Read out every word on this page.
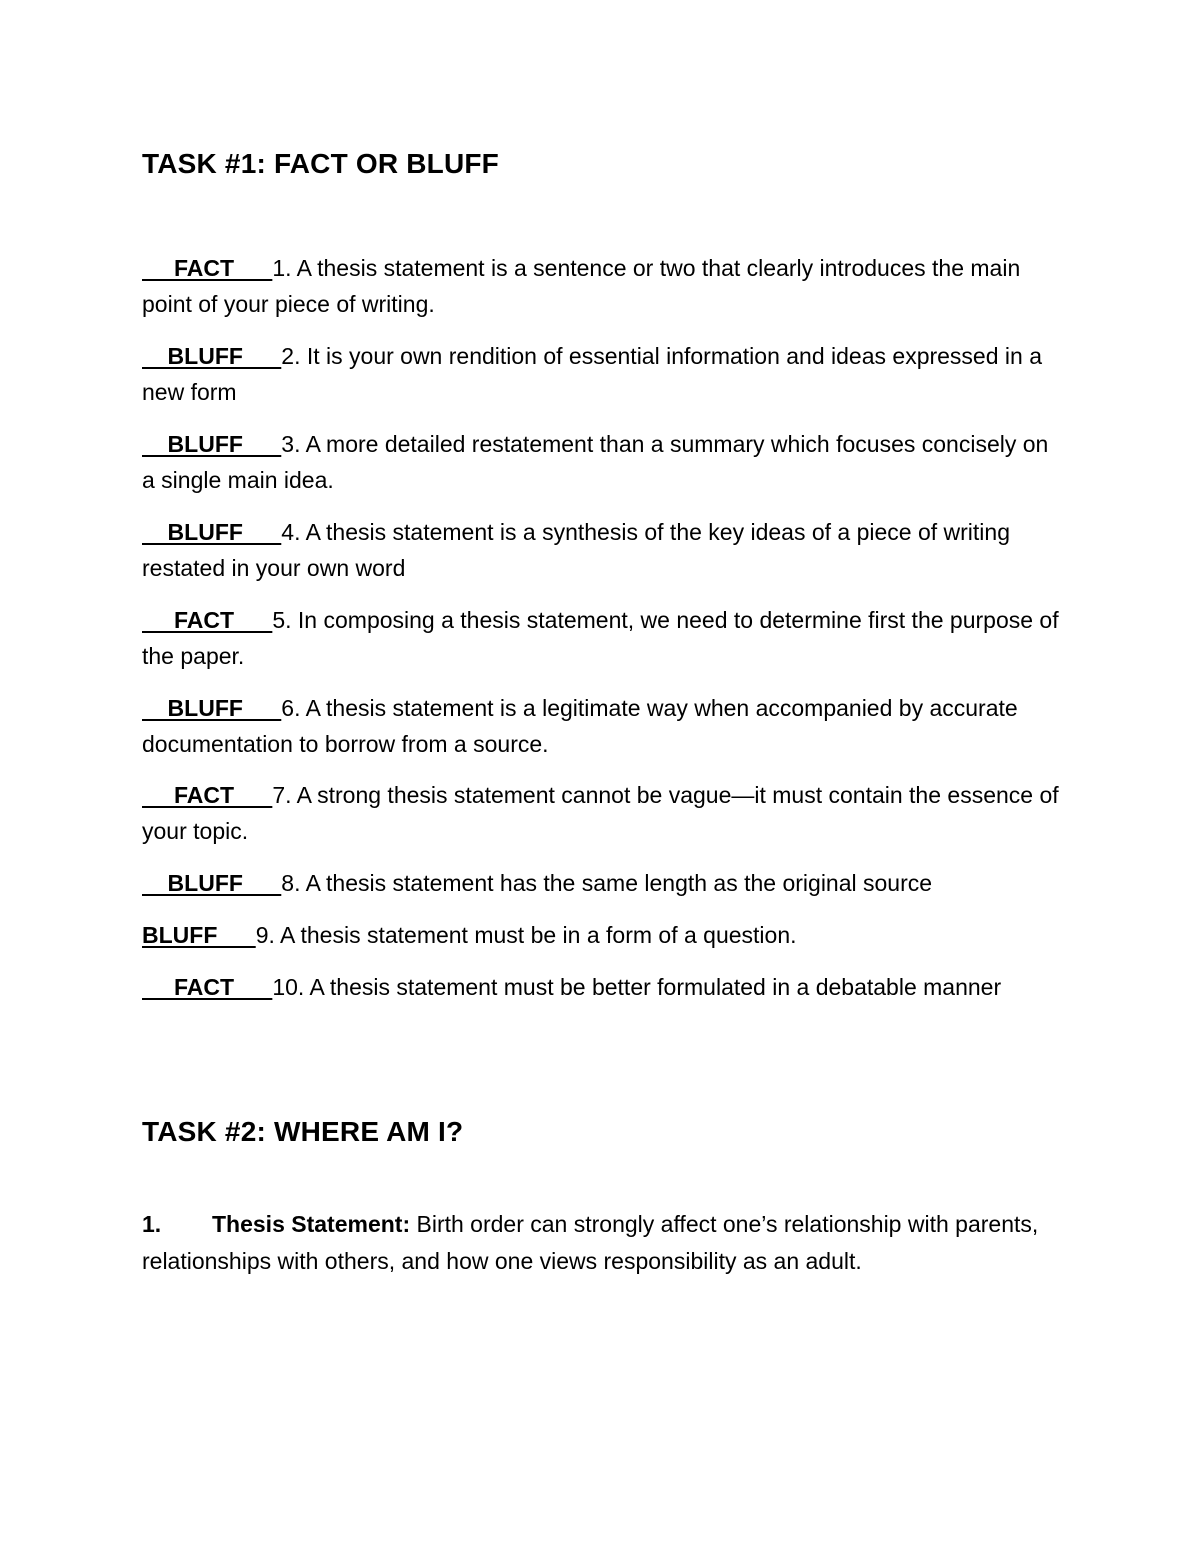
TASK #1: FACT OR BLUFF
FACT      1. A thesis statement is a sentence or two that clearly introduces the main point of your piece of writing.
BLUFF      2. It is your own rendition of essential information and ideas expressed in a new form
BLUFF      3. A more detailed restatement than a summary which focuses concisely on a single main idea.
BLUFF      4. A thesis statement is a synthesis of the key ideas of a piece of writing restated in your own word
FACT      5. In composing a thesis statement, we need to determine first the purpose of the paper.
BLUFF      6. A thesis statement is a legitimate way when accompanied by accurate documentation to borrow from a source.
FACT      7. A strong thesis statement cannot be vague—it must contain the essence of your topic.
BLUFF      8. A thesis statement has the same length as the original source
BLUFF      9. A thesis statement must be in a form of a question.
FACT      10. A thesis statement must be better formulated in a debatable manner
TASK #2: WHERE AM I?
1. Thesis Statement: Birth order can strongly affect one’s relationship with parents, relationships with others, and how one views responsibility as an adult.
